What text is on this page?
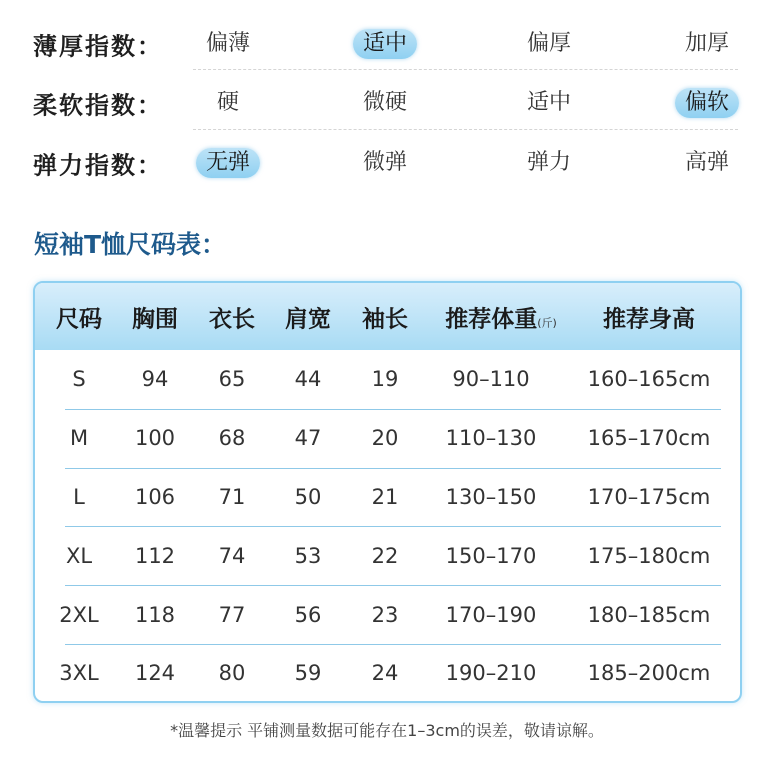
薄厚指数：	偏薄	适中	偏厚	加厚
柔软指数：	硬	微硬	适中	偏软
弹力指数：	无弹	微弹	弹力	高弹
短袖T恤尺码表：
尺码 胸围 衣长 肩宽 袖长 推荐体重(斤) 推荐身高
S	94 65 44 19	90–110	160–165cm
M 100 68 47 20 110–130 165–170cm
L 106 71 50 21 130–150 170–175cm
XL 112 74 53 22 150–170 175–180cm
2XL 118 77 56 23 170–190 180–185cm
3XL 124 80 59 24 190–210 185–200cm
*温馨提示 平铺测量数据可能存在1–3cm的误差，敬请谅解。
